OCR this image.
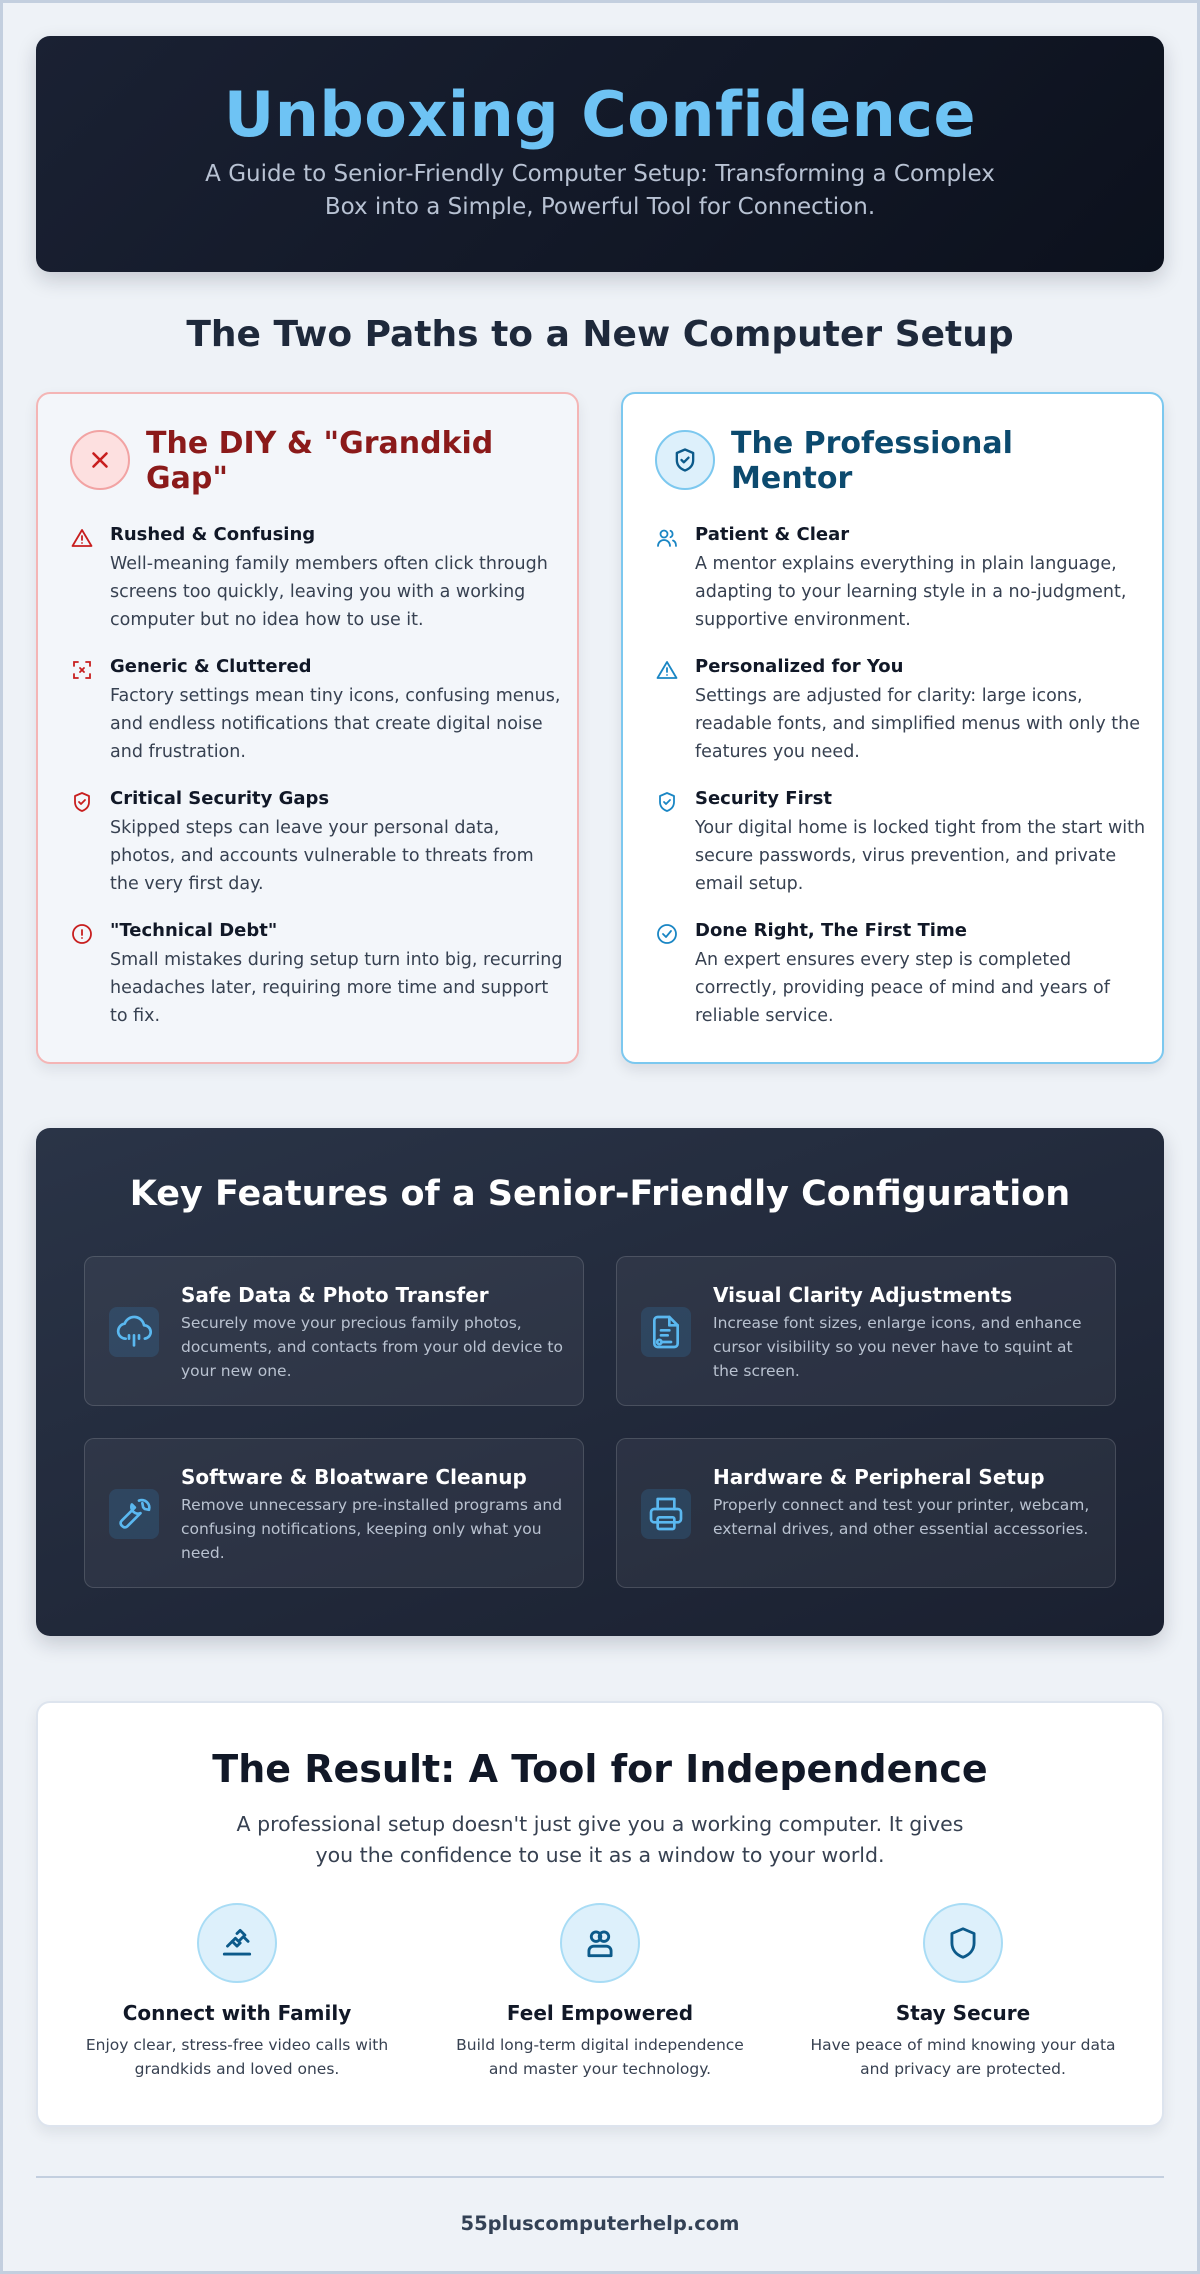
Unboxing Confidence
A Guide to Senior-Friendly Computer Setup: Transforming a Complex Box into a Simple, Powerful Tool for Connection.
The Two Paths to a New Computer Setup
The DIY & "Grandkid Gap"
Rushed & Confusing
Well-meaning family members often click through screens too quickly, leaving you with a working computer but no idea how to use it.
Generic & Cluttered
Factory settings mean tiny icons, confusing menus, and endless notifications that create digital noise and frustration.
Critical Security Gaps
Skipped steps can leave your personal data, photos, and accounts vulnerable to threats from the very first day.
"Technical Debt"
Small mistakes during setup turn into big, recurring headaches later, requiring more time and support to fix.
The Professional Mentor
Patient & Clear
A mentor explains everything in plain language, adapting to your learning style in a no-judgment, supportive environment.
Personalized for You
Settings are adjusted for clarity: large icons, readable fonts, and simplified menus with only the features you need.
Security First
Your digital home is locked tight from the start with secure passwords, virus prevention, and private email setup.
Done Right, The First Time
An expert ensures every step is completed correctly, providing peace of mind and years of reliable service.
Key Features of a Senior-Friendly Configuration
Safe Data & Photo Transfer
Securely move your precious family photos, documents, and contacts from your old device to your new one.
Visual Clarity Adjustments
Increase font sizes, enlarge icons, and enhance cursor visibility so you never have to squint at the screen.
Software & Bloatware Cleanup
Remove unnecessary pre-installed programs and confusing notifications, keeping only what you need.
Hardware & Peripheral Setup
Properly connect and test your printer, webcam, external drives, and other essential accessories.
The Result: A Tool for Independence
A professional setup doesn't just give you a working computer. It gives you the confidence to use it as a window to your world.
Connect with Family
Enjoy clear, stress-free video calls with grandkids and loved ones.
Feel Empowered
Build long-term digital independence and master your technology.
Stay Secure
Have peace of mind knowing your data and privacy are protected.
55pluscomputerhelp.com
